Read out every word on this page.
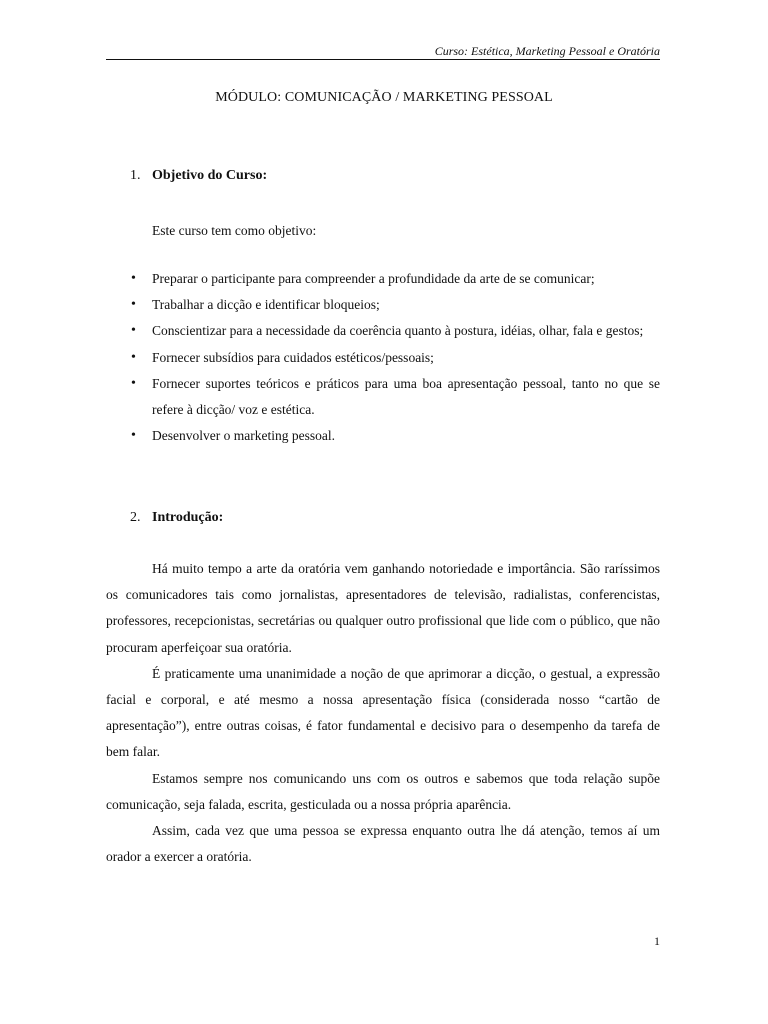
Curso: Estética, Marketing Pessoal e Oratória
MÓDULO: COMUNICAÇÃO / MARKETING PESSOAL
1. Objetivo do Curso:
Este curso tem como objetivo:
• Preparar o participante para compreender a profundidade da arte de se comunicar;
• Trabalhar a dicção e identificar bloqueios;
• Conscientizar para a necessidade da coerência quanto à postura, idéias, olhar, fala e gestos;
• Fornecer subsídios para cuidados estéticos/pessoais;
• Fornecer suportes teóricos e práticos para uma boa apresentação pessoal, tanto no que se refere à dicção/ voz e estética.
• Desenvolver o marketing pessoal.
2. Introdução:

Há muito tempo a arte da oratória vem ganhando notoriedade e importância. São raríssimos os comunicadores tais como jornalistas, apresentadores de televisão, radialistas, conferencistas, professores, recepcionistas, secretárias ou qualquer outro profissional que lide com o público, que não procuram aperfeiçoar sua oratória.

É praticamente uma unanimidade a noção de que aprimorar a dicção, o gestual, a expressão facial e corporal, e até mesmo a nossa apresentação física (considerada nosso “cartão de apresentação”), entre outras coisas, é fator fundamental e decisivo para o desempenho da tarefa de bem falar.

Estamos sempre nos comunicando uns com os outros e sabemos que toda relação supõe comunicação, seja falada, escrita, gesticulada ou a nossa própria aparência.

Assim, cada vez que uma pessoa se expressa enquanto outra lhe dá atenção, temos aí um orador a exercer a oratória.

1
